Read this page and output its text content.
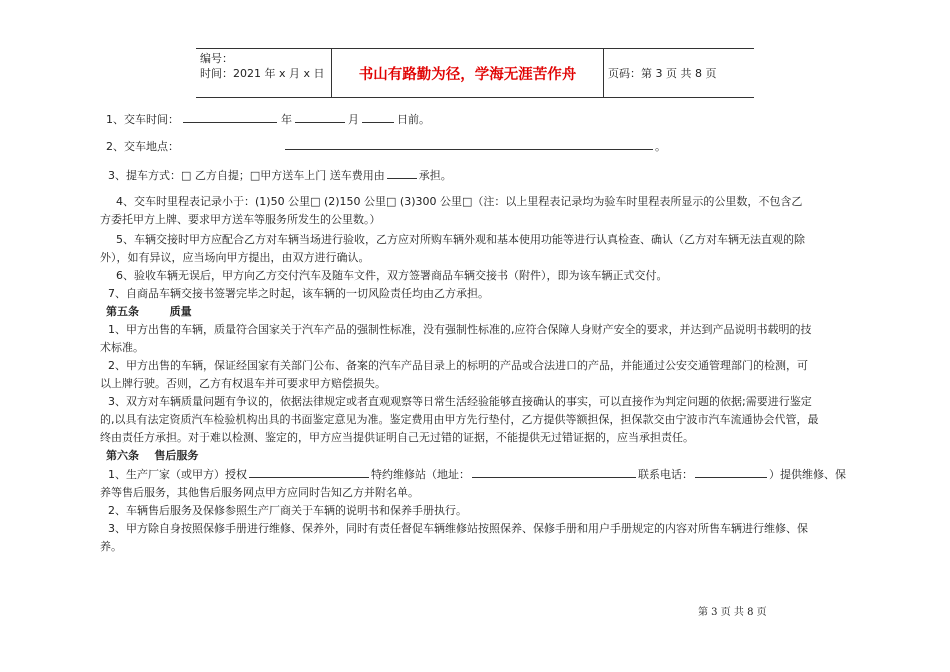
编号：
时间：2021 年 x 月 x 日	书山有路勤为径，学海无涯苦作舟	页码：第 3 页 共 8 页

1、交车时间：	年	月	日前。

2、交车地点：	。

3、提车方式：□ 乙方自提；□甲方送车上门 送车费用由	承担。

4、交车时里程表记录小于：(1)50 公里□ (2)150 公里□ (3)300 公里□（注：以上里程表记录均为验车时里程表所显示的公里数，不包含乙

方委托甲方上牌、要求甲方送车等服务所发生的公里数。）

5、车辆交接时甲方应配合乙方对车辆当场进行验收，乙方应对所购车辆外观和基本使用功能等进行认真检查、确认（乙方对车辆无法直观的除

外），如有异议，应当场向甲方提出，由双方进行确认。

6、验收车辆无误后，甲方向乙方交付汽车及随车文件，双方签署商品车辆交接书（附件），即为该车辆正式交付。

7、自商品车辆交接书签署完毕之时起，该车辆的一切风险责任均由乙方承担。

第五条        质量

1、甲方出售的车辆，质量符合国家关于汽车产品的强制性标准，没有强制性标准的,应符合保障人身财产安全的要求，并达到产品说明书载明的技

术标准。

2、甲方出售的车辆，保证经国家有关部门公布、备案的汽车产品目录上的标明的产品或合法进口的产品，并能通过公安交通管理部门的检测，可

以上牌行驶。否则，乙方有权退车并可要求甲方赔偿损失。

3、双方对车辆质量问题有争议的，依据法律规定或者直观观察等日常生活经验能够直接确认的事实，可以直接作为判定问题的依据;需要进行鉴定

的,以具有法定资质汽车检验机构出具的书面鉴定意见为准。鉴定费用由甲方先行垫付，乙方提供等额担保，担保款交由宁波市汽车流通协会代管，最

终由责任方承担。对于难以检测、鉴定的，甲方应当提供证明自己无过错的证据，不能提供无过错证据的，应当承担责任。

第六条    售后服务

1、生产厂家（或甲方）授权	特约维修站（地址：	联系电话：	）提供维修、保

养等售后服务，其他售后服务网点甲方应同时告知乙方并附名单。

2、车辆售后服务及保修参照生产厂商关于车辆的说明书和保养手册执行。

3、甲方除自身按照保修手册进行维修、保养外，同时有责任督促车辆维修站按照保养、保修手册和用户手册规定的内容对所售车辆进行维修、保

养。

第 3 页 共 8 页
